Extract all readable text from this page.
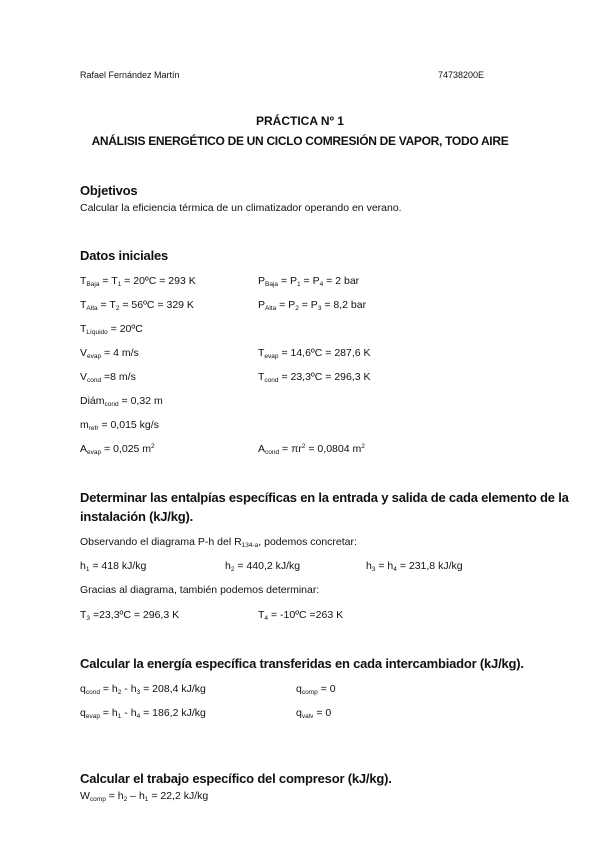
Rafael Fernández Martín	74738200E
PRÁCTICA Nº 1
ANÁLISIS ENERGÉTICO DE UN CICLO COMRESIÓN DE VAPOR, TODO AIRE
Objetivos
Calcular la eficiencia térmica de un climatizador operando en verano.
Datos iniciales
$T_{Baja} = T_1$ = 20ºC = 293 K	$P_{Baja} = P_1 = P_4 = 2$ bar
$T_{Alta} = T_2$ = 56ºC = 329 K	$P_{Alta} = P_2 = P_3 = 8,2$ bar
$T_{Líquido}$ = 20ºC
$V_{evap} = 4$ m/s	$T_{evap}$ = 14,6ºC = 287,6 K
$V_{cond} =8$ m/s	$T_{cond}$ = 23,3ºC = 296,3 K
Diám$_{cond}$ = 0,32 m
$m_{refr} = 0,015$ kg/s
$A_{evap} = 0,025$ $m^2$	$A_{cond} = \pi r^2 = 0,0804$ $m^2$
Determinar las entalpías específicas en la entrada y salida de cada elemento de la
instalación (kJ/kg).
Observando el diagrama P-h del $R_{134-a}$, podemos concretar:
$h_1 = 418$ kJ/kg	$h_2 = 440,2$ kJ/kg	$h_3 = h_4 = 231,8$ kJ/kg
Gracias al diagrama, también podemos determinar:
$T_3$ =23,3ºC = 296,3 K	$T_4$ = -10ºC =263 K
Calcular la energía específica transferidas en cada intercambiador (kJ/kg).
$q_{cond} = h_2 - h_3 = 208,4$ kJ/kg	$q_{comp} = 0$
$q_{evap} = h_1 - h_4 = 186,2$ kJ/kg	$q_{valv} = 0$
Calcular el trabajo específico del compresor (kJ/kg).
$W_{comp} = h_2 - h_1 = 22,2$ kJ/kg
